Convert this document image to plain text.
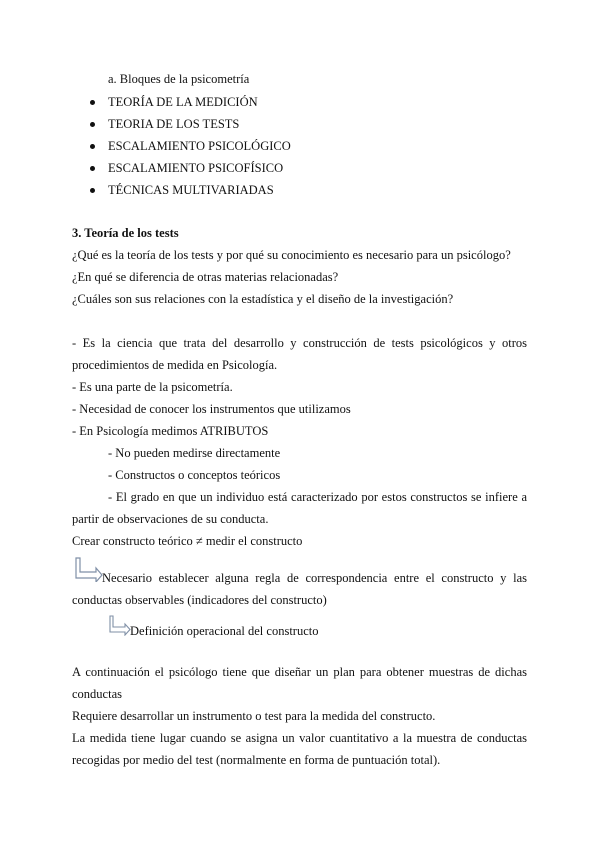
a. Bloques de la psicometría
TEORÍA DE LA MEDICIÓN
TEORIA DE LOS TESTS
ESCALAMIENTO PSICOLÓGICO
ESCALAMIENTO PSICOFÍSICO
TÉCNICAS MULTIVARIADAS
3. Teoría de los tests
¿Qué es la teoría de los tests y por qué su conocimiento es necesario para un psicólogo?
¿En qué se diferencia de otras materias relacionadas?
¿Cuáles son sus relaciones con la estadística y el diseño de la investigación?
- Es la ciencia que trata del desarrollo y construcción de tests psicológicos y otros
procedimientos de medida en Psicología.
- Es una parte de la psicometría.
- Necesidad de conocer los instrumentos que utilizamos
- En Psicología medimos ATRIBUTOS
- No pueden medirse directamente
- Constructos o conceptos teóricos
- El grado en que un individuo está caracterizado por estos constructos se infiere a
partir de observaciones de su conducta.
Crear constructo teórico ≠ medir el constructo
Necesario establecer alguna regla de correspondencia entre el constructo y las
conductas observables (indicadores del constructo)
Definición operacional del constructo
A continuación el psicólogo tiene que diseñar un plan para obtener muestras de dichas
conductas
Requiere desarrollar un instrumento o test para la medida del constructo.
La medida tiene lugar cuando se asigna un valor cuantitativo a la muestra de conductas
recogidas por medio del test (normalmente en forma de puntuación total).
